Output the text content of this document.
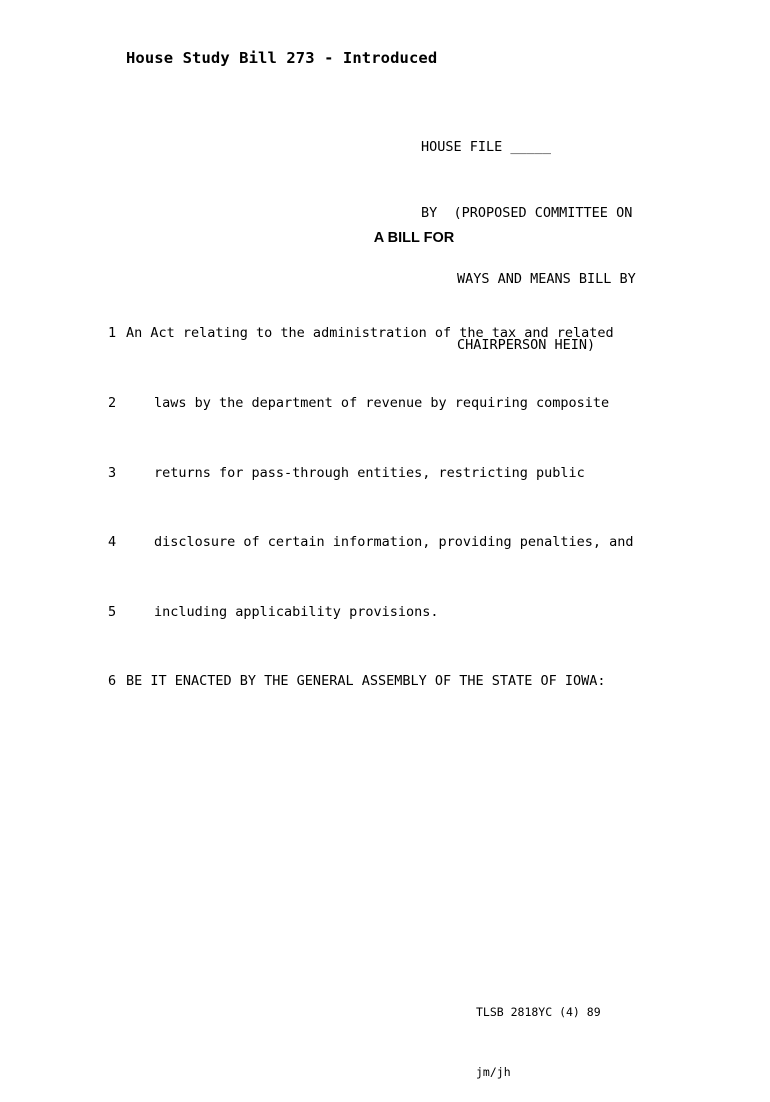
House Study Bill 273 - Introduced

HOUSE FILE _____

BY  (PROPOSED COMMITTEE ON

WAYS AND MEANS BILL BY

CHAIRPERSON HEIN)

A BILL FOR

1 An Act relating to the administration of the tax and related

2	laws by the department of revenue by requiring composite

3	returns for pass-through entities, restricting public

4	disclosure of certain information, providing penalties, and

5	including applicability provisions.

6 BE IT ENACTED BY THE GENERAL ASSEMBLY OF THE STATE OF IOWA:

TLSB 2818YC (4) 89

jm/jh
